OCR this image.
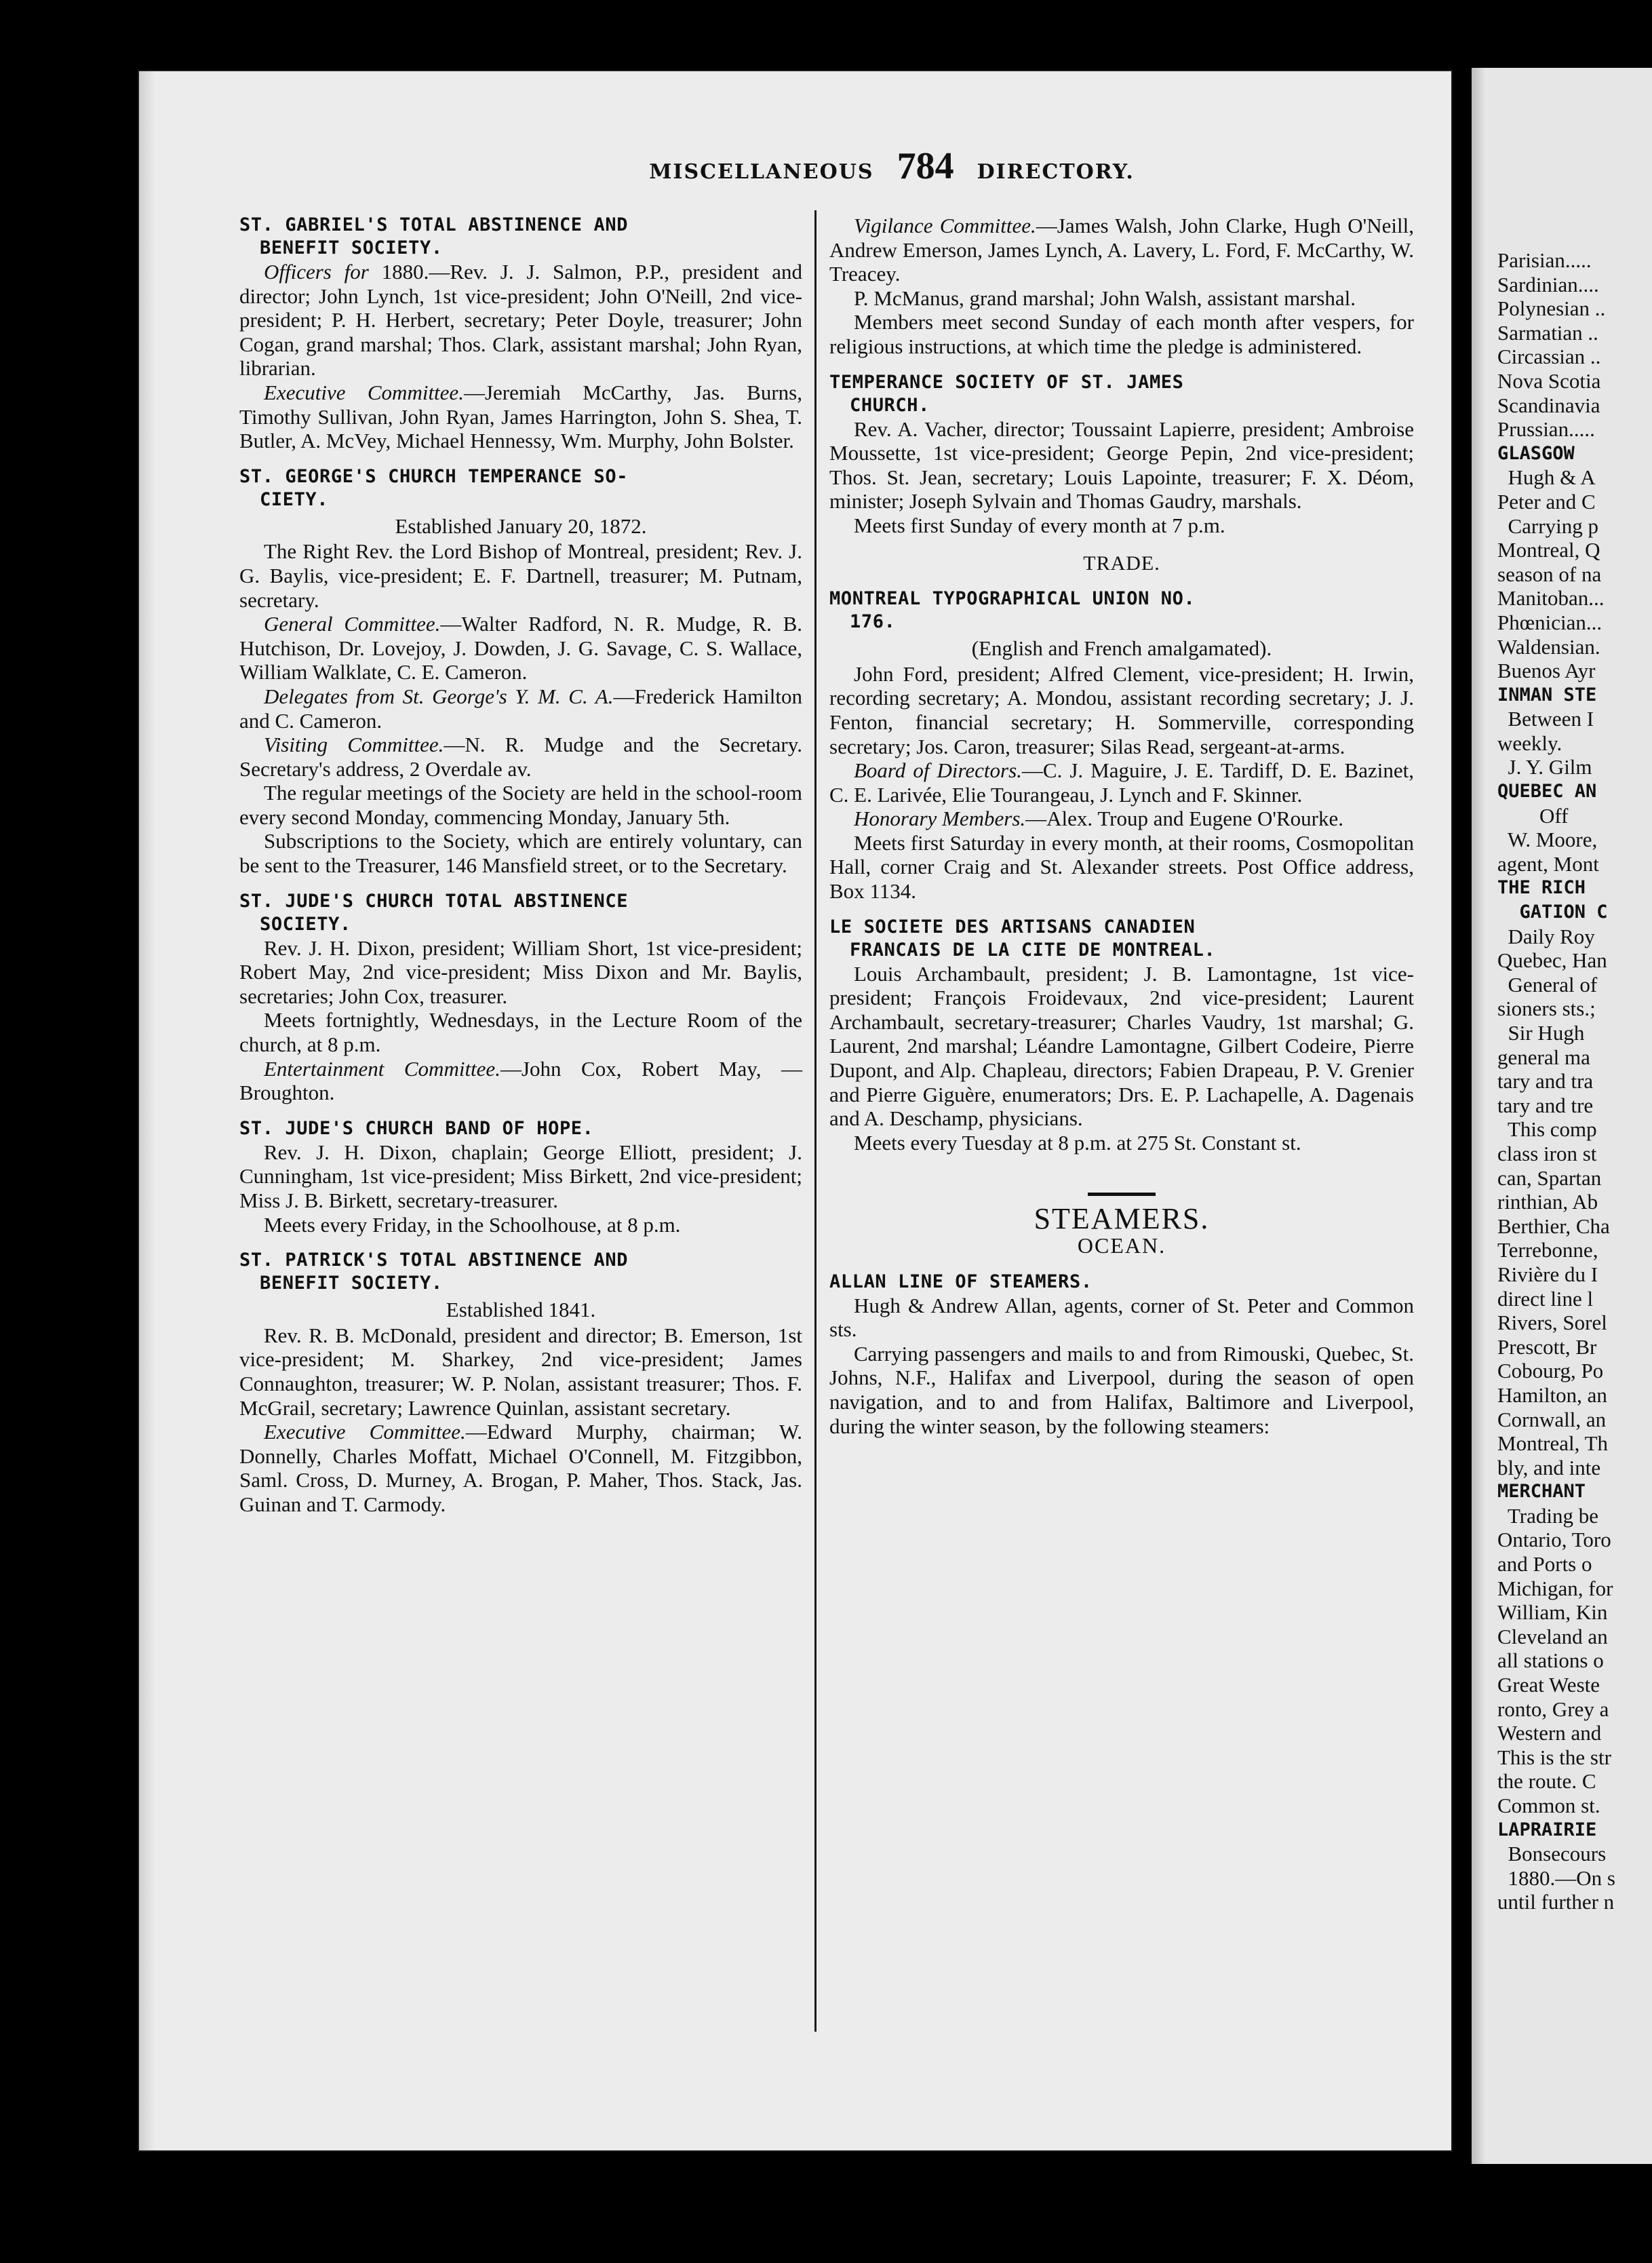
MISCELLANEOUS 784 DIRECTORY.
ST. GABRIEL'S TOTAL ABSTINENCE AND
BENEFIT SOCIETY.
Officers for 1880.—Rev. J. J. Salmon, P.P., president and director; John Lynch, 1st vice-president; John O'Neill, 2nd vice-president; P. H. Herbert, secretary; Peter Doyle, treasurer; John Cogan, grand marshal; Thos. Clark, assistant marshal; John Ryan, librarian.
Executive Committee.—Jeremiah McCarthy, Jas. Burns, Timothy Sullivan, John Ryan, James Harrington, John S. Shea, T. Butler, A. McVey, Michael Hennessy, Wm. Murphy, John Bolster.
ST. GEORGE'S CHURCH TEMPERANCE SO-
CIETY.
Established January 20, 1872.
The Right Rev. the Lord Bishop of Montreal, president; Rev. J. G. Baylis, vice-president; E. F. Dartnell, treasurer; M. Putnam, secretary.
General Committee.—Walter Radford, N. R. Mudge, R. B. Hutchison, Dr. Lovejoy, J. Dowden, J. G. Savage, C. S. Wallace, William Walklate, C. E. Cameron.
Delegates from St. George's Y. M. C. A.—Frederick Hamilton and C. Cameron.
Visiting Committee.—N. R. Mudge and the Secretary. Secretary's address, 2 Overdale av.
The regular meetings of the Society are held in the school-room every second Monday, commencing Monday, January 5th.
Subscriptions to the Society, which are entirely voluntary, can be sent to the Treasurer, 146 Mansfield street, or to the Secretary.
ST. JUDE'S CHURCH TOTAL ABSTINENCE
SOCIETY.
Rev. J. H. Dixon, president; William Short, 1st vice-president; Robert May, 2nd vice-president; Miss Dixon and Mr. Baylis, secretaries; John Cox, treasurer.
Meets fortnightly, Wednesdays, in the Lecture Room of the church, at 8 p.m.
Entertainment Committee.—John Cox, Robert May, — Broughton.
ST. JUDE'S CHURCH BAND OF HOPE.
Rev. J. H. Dixon, chaplain; George Elliott, president; J. Cunningham, 1st vice-president; Miss Birkett, 2nd vice-president; Miss J. B. Birkett, secretary-treasurer.
Meets every Friday, in the Schoolhouse, at 8 p.m.
ST. PATRICK'S TOTAL ABSTINENCE AND
BENEFIT SOCIETY.
Established 1841.
Rev. R. B. McDonald, president and director; B. Emerson, 1st vice-president; M. Sharkey, 2nd vice-president; James Connaughton, treasurer; W. P. Nolan, assistant treasurer; Thos. F. McGrail, secretary; Lawrence Quinlan, assistant secretary.
Executive Committee.—Edward Murphy, chairman; W. Donnelly, Charles Moffatt, Michael O'Connell, M. Fitzgibbon, Saml. Cross, D. Murney, A. Brogan, P. Maher, Thos. Stack, Jas. Guinan and T. Carmody.
Vigilance Committee.—James Walsh, John Clarke, Hugh O'Neill, Andrew Emerson, James Lynch, A. Lavery, L. Ford, F. McCarthy, W. Treacey.
P. McManus, grand marshal; John Walsh, assistant marshal.
Members meet second Sunday of each month after vespers, for religious instructions, at which time the pledge is administered.
TEMPERANCE SOCIETY OF ST. JAMES
CHURCH.
Rev. A. Vacher, director; Toussaint Lapierre, president; Ambroise Moussette, 1st vice-president; George Pepin, 2nd vice-president; Thos. St. Jean, secretary; Louis Lapointe, treasurer; F. X. Déom, minister; Joseph Sylvain and Thomas Gaudry, marshals.
Meets first Sunday of every month at 7 p.m.
TRADE.
MONTREAL TYPOGRAPHICAL UNION NO.
176.
(English and French amalgamated).
John Ford, president; Alfred Clement, vice-president; H. Irwin, recording secretary; A. Mondou, assistant recording secretary; J. J. Fenton, financial secretary; H. Sommerville, corresponding secretary; Jos. Caron, treasurer; Silas Read, sergeant-at-arms.
Board of Directors.—C. J. Maguire, J. E. Tardiff, D. E. Bazinet, C. E. Larivée, Elie Tourangeau, J. Lynch and F. Skinner.
Honorary Members.—Alex. Troup and Eugene O'Rourke.
Meets first Saturday in every month, at their rooms, Cosmopolitan Hall, corner Craig and St. Alexander streets. Post Office address, Box 1134.
LE SOCIETE DES ARTISANS CANADIEN
FRANCAIS DE LA CITE DE MONTREAL.
Louis Archambault, president; J. B. Lamontagne, 1st vice-president; François Froidevaux, 2nd vice-president; Laurent Archambault, secretary-treasurer; Charles Vaudry, 1st marshal; G. Laurent, 2nd marshal; Léandre Lamontagne, Gilbert Codeire, Pierre Dupont, and Alp. Chapleau, directors; Fabien Drapeau, P. V. Grenier and Pierre Giguère, enumerators; Drs. E. P. Lachapelle, A. Dagenais and A. Deschamp, physicians.
Meets every Tuesday at 8 p.m. at 275 St. Constant st.
STEAMERS.
OCEAN.
ALLAN LINE OF STEAMERS.
Hugh & Andrew Allan, agents, corner of St. Peter and Common sts.
Carrying passengers and mails to and from Rimouski, Quebec, St. Johns, N.F., Halifax and Liverpool, during the season of open navigation, and to and from Halifax, Baltimore and Liverpool, during the winter season, by the following steamers:
Parisian.....
Sardinian....
Polynesian ..
Sarmatian ..
Circassian ..
Nova Scotia
Scandinavia
Prussian.....
GLASGOW
Hugh & A
Peter and C
Carrying p
Montreal, Q
season of na
Manitoban...
Phœnician...
Waldensian.
Buenos Ayr
INMAN STE
Between I
weekly.
J. Y. Gilm
QUEBEC AN
Off
W. Moore,
agent, Mont
THE RICH
GATION C
Daily Roy
Quebec, Han
General of
sioners sts.;
Sir Hugh
general ma
tary and tra
tary and tre
This comp
class iron st
can, Spartan
rinthian, Ab
Berthier, Cha
Terrebonne,
Rivière du I
direct line l
Rivers, Sorel
Prescott, Br
Cobourg, Po
Hamilton, an
Cornwall, an
Montreal, Th
bly, and inte
MERCHANT
Trading be
Ontario, Toro
and Ports o
Michigan, for
William, Kin
Cleveland an
all stations o
Great Weste
ronto, Grey a
Western and
This is the str
the route. C
Common st.
LAPRAIRIE
Bonsecours
1880.—On s
until further n
